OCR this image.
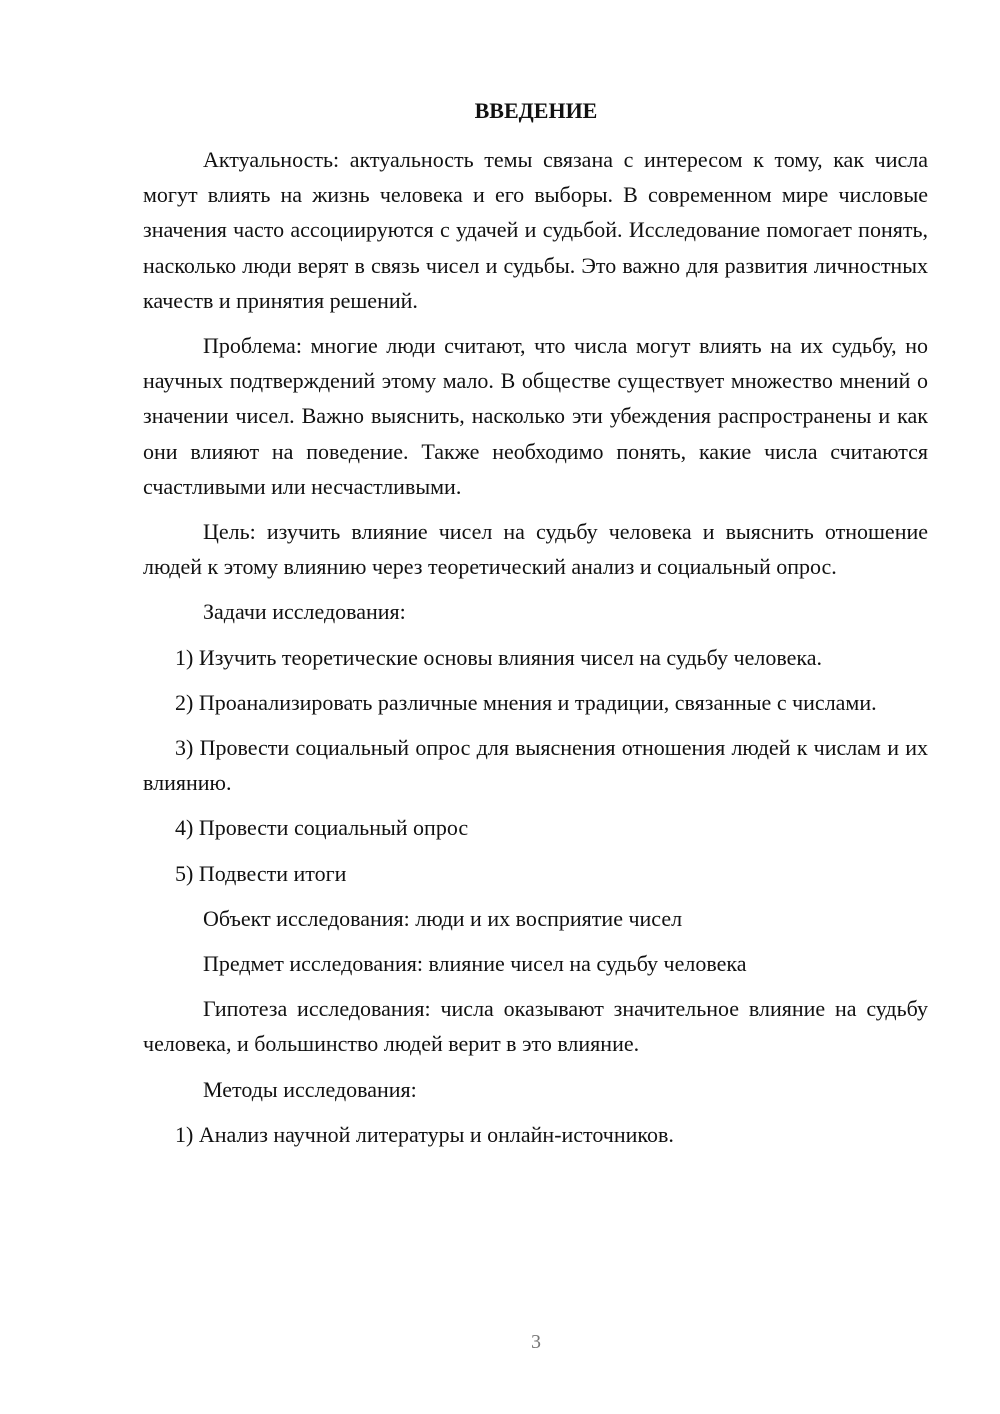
ВВЕДЕНИЕ

Актуальность: актуальность темы связана с интересом к тому, как числа могут влиять на жизнь человека и его выборы. В современном мире числовые значения часто ассоциируются с удачей и судьбой. Исследование помогает понять, насколько люди верят в связь чисел и судьбы. Это важно для развития личностных качеств и принятия решений.

Проблема: многие люди считают, что числа могут влиять на их судьбу, но научных подтверждений этому мало. В обществе существует множество мнений о значении чисел. Важно выяснить, насколько эти убеждения распространены и как они влияют на поведение. Также необходимо понять, какие числа считаются счастливыми или несчастливыми.

Цель: изучить влияние чисел на судьбу человека и выяснить отношение людей к этому влиянию через теоретический анализ и социальный опрос.

Задачи исследования:

1) Изучить теоретические основы влияния чисел на судьбу человека.

2) Проанализировать различные мнения и традиции, связанные с числами.

3) Провести социальный опрос для выяснения отношения людей к числам и их влиянию.

4) Провести социальный опрос

5) Подвести итоги

Объект исследования: люди и их восприятие чисел

Предмет исследования: влияние чисел на судьбу человека

Гипотеза исследования: числа оказывают значительное влияние на судьбу человека, и большинство людей верит в это влияние.

Методы исследования:

1) Анализ научной литературы и онлайн-источников.

3
